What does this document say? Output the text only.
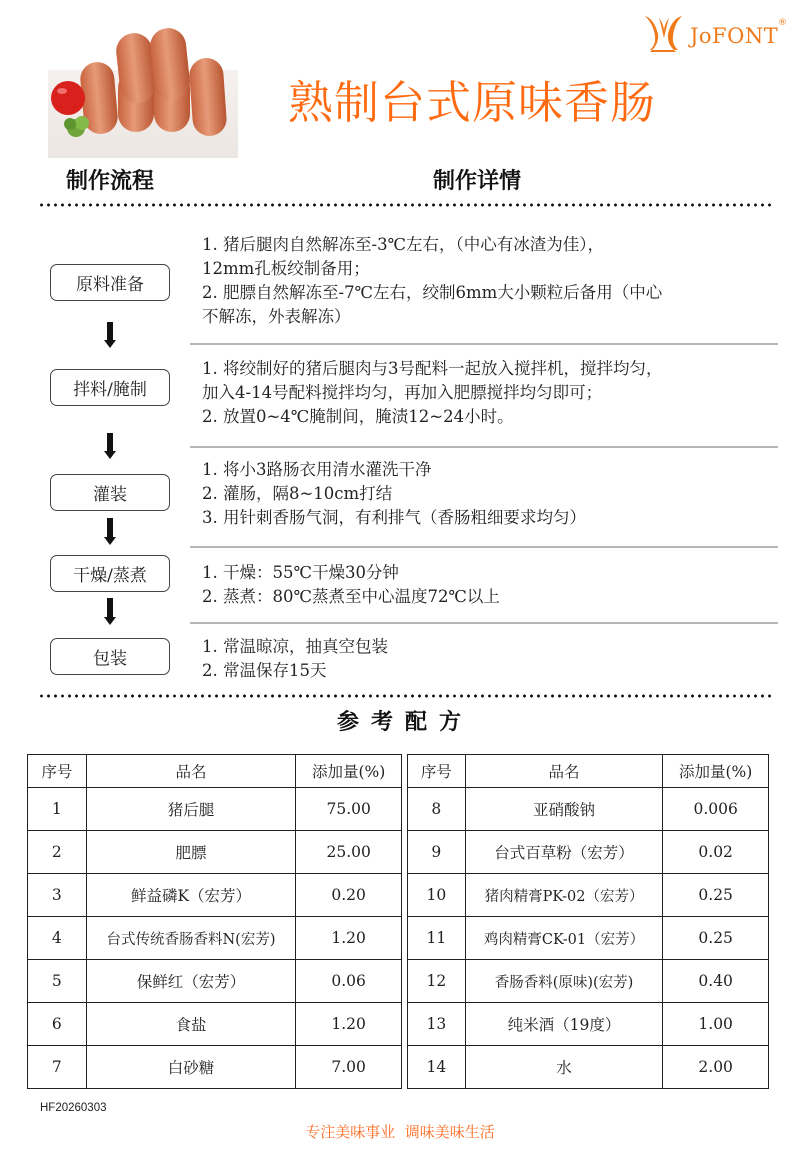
JoFONT
®
熟制台式原味香肠
制作流程	制作详情
原料准备
1. 猪后腿肉自然解冻至-3℃左右，（中心有冰渣为佳），
12mm孔板绞制备用；
2. 肥膘自然解冻至-7℃左右，绞制6mm大小颗粒后备用（中心
不解冻，外表解冻）
拌料/腌制
1. 将绞制好的猪后腿肉与3号配料一起放入搅拌机，搅拌均匀，
加入4-14号配料搅拌均匀，再加入肥膘搅拌均匀即可；
2. 放置0~4℃腌制间，腌渍12~24小时。
灌装
1. 将小3路肠衣用清水灌洗干净
2. 灌肠，隔8~10cm打结
3. 用针刺香肠气洞，有利排气（香肠粗细要求均匀）
干燥/蒸煮	1. 干燥：55℃干燥30分钟
2. 蒸煮：80℃蒸煮至中心温度72℃以上
包装
1. 常温晾凉，抽真空包装
2. 常温保存15天
参考配方
序号	品名	添加量(%)
1	猪后腿	75.00
2	肥膘	25.00
3	鲜益磷K（宏芳）	0.20
4	台式传统香肠香料N(宏芳)	1.20
5	保鲜红（宏芳）	0.06
6	食盐	1.20
7	白砂糖	7.00
序号	品名	添加量(%)
8	亚硝酸钠	0.006
9	台式百草粉（宏芳）	0.02
10	猪肉精膏PK-02（宏芳）	0.25
11	鸡肉精膏CK-01（宏芳）	0.25
12	香肠香料(原味)(宏芳)	0.40
13	纯米酒（19度）	1.00
14	水	2.00
HF20260303
专注美味事业  调味美味生活
